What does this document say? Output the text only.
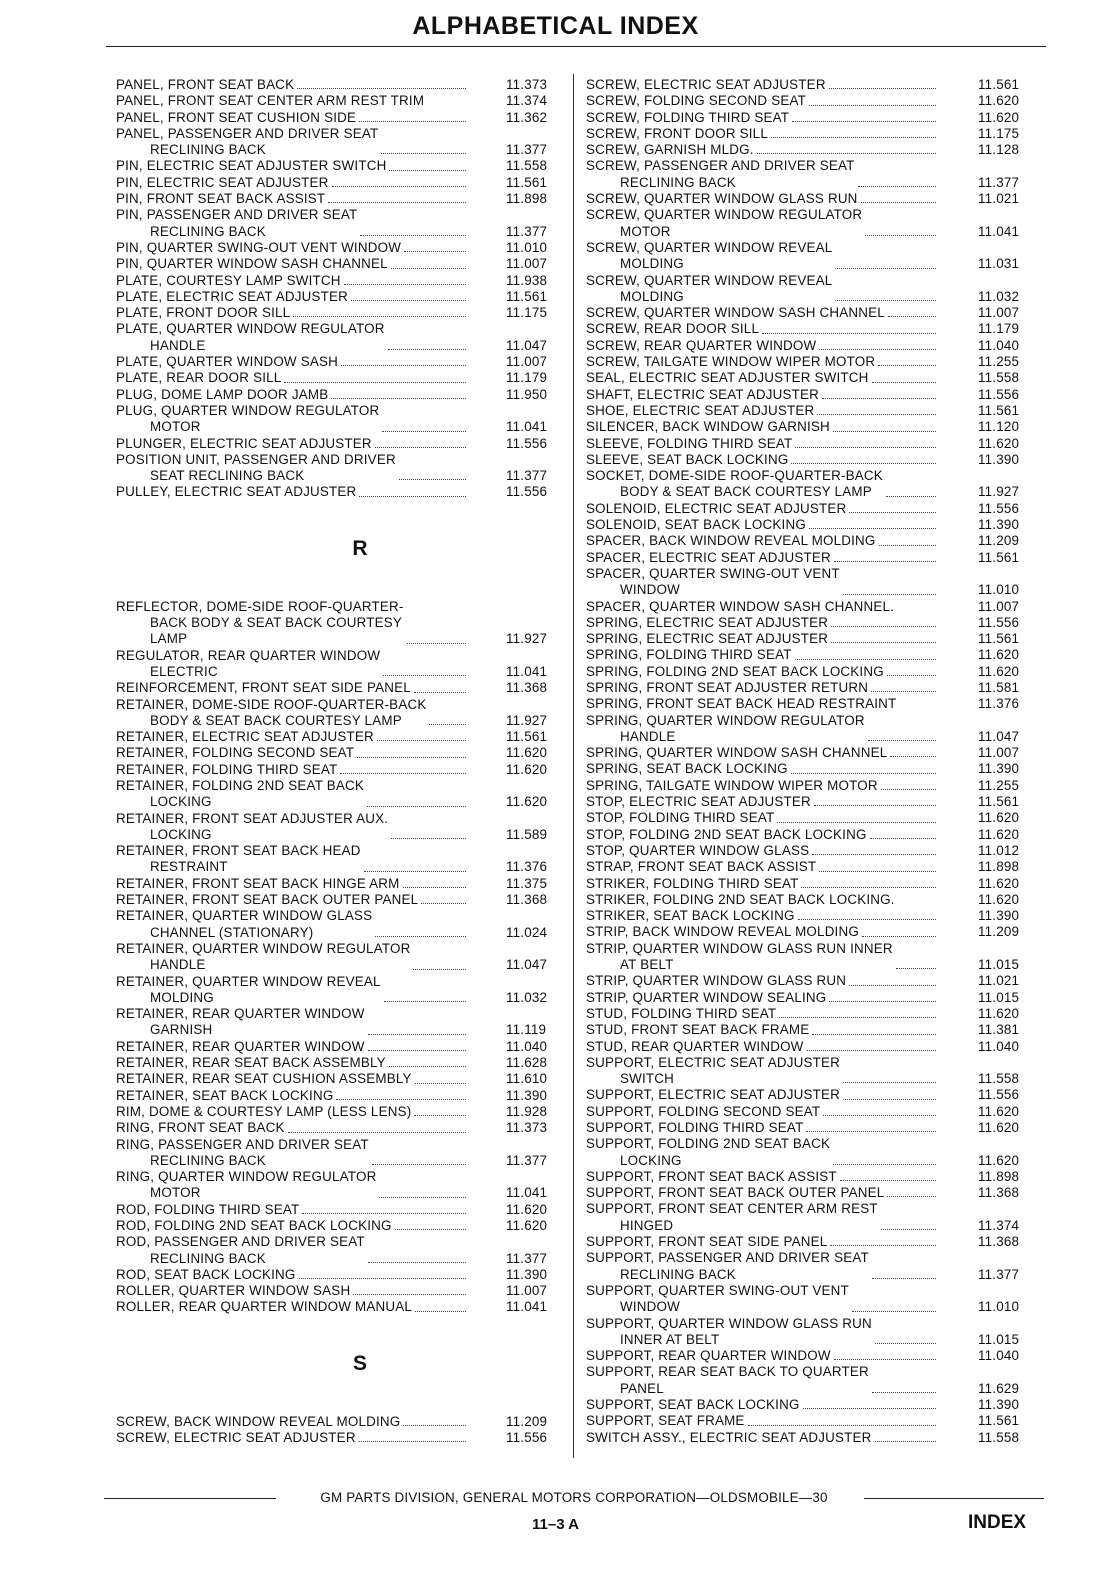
ALPHABETICAL INDEX
PANEL, FRONT SEAT BACK	11.373
PANEL, FRONT SEAT CENTER ARM REST TRIM	11.374
PANEL, FRONT SEAT CUSHION SIDE	11.362
PANEL, PASSENGER AND DRIVER SEAT
RECLINING BACK	11.377
PIN, ELECTRIC SEAT ADJUSTER SWITCH	11.558
PIN, ELECTRIC SEAT ADJUSTER	11.561
PIN, FRONT SEAT BACK ASSIST	11.898
PIN, PASSENGER AND DRIVER SEAT
RECLINING BACK	11.377
PIN, QUARTER SWING-OUT VENT WINDOW	11.010
PIN, QUARTER WINDOW SASH CHANNEL	11.007
PLATE, COURTESY LAMP SWITCH	11.938
PLATE, ELECTRIC SEAT ADJUSTER	11.561
PLATE, FRONT DOOR SILL	11.175
PLATE, QUARTER WINDOW REGULATOR
HANDLE	11.047
PLATE, QUARTER WINDOW SASH	11.007
PLATE, REAR DOOR SILL	11.179
PLUG, DOME LAMP DOOR JAMB	11.950
PLUG, QUARTER WINDOW REGULATOR
MOTOR	11.041
PLUNGER, ELECTRIC SEAT ADJUSTER	11.556
POSITION UNIT, PASSENGER AND DRIVER
SEAT RECLINING BACK	11.377
PULLEY, ELECTRIC SEAT ADJUSTER	11.556
R
REFLECTOR, DOME-SIDE ROOF-QUARTER-
BACK BODY & SEAT BACK COURTESY
LAMP	11.927
REGULATOR, REAR QUARTER WINDOW
ELECTRIC	11.041
REINFORCEMENT, FRONT SEAT SIDE PANEL	11.368
RETAINER, DOME-SIDE ROOF-QUARTER-BACK
BODY & SEAT BACK COURTESY LAMP	11.927
RETAINER, ELECTRIC SEAT ADJUSTER	11.561
RETAINER, FOLDING SECOND SEAT	11.620
RETAINER, FOLDING THIRD SEAT	11.620
RETAINER, FOLDING 2ND SEAT BACK
LOCKING	11.620
RETAINER, FRONT SEAT ADJUSTER AUX.
LOCKING	11.589
RETAINER, FRONT SEAT BACK HEAD
RESTRAINT	11.376
RETAINER, FRONT SEAT BACK HINGE ARM	11.375
RETAINER, FRONT SEAT BACK OUTER PANEL	11.368
RETAINER, QUARTER WINDOW GLASS
CHANNEL (STATIONARY)	11.024
RETAINER, QUARTER WINDOW REGULATOR
HANDLE	11.047
RETAINER, QUARTER WINDOW REVEAL
MOLDING	11.032
RETAINER, REAR QUARTER WINDOW
GARNISH	11.119
RETAINER, REAR QUARTER WINDOW	11.040
RETAINER, REAR SEAT BACK ASSEMBLY	11.628
RETAINER, REAR SEAT CUSHION ASSEMBLY	11.610
RETAINER, SEAT BACK LOCKING	11.390
RIM, DOME & COURTESY LAMP (LESS LENS)	11.928
RING, FRONT SEAT BACK	11.373
RING, PASSENGER AND DRIVER SEAT
RECLINING BACK	11.377
RING, QUARTER WINDOW REGULATOR
MOTOR	11.041
ROD, FOLDING THIRD SEAT	11.620
ROD, FOLDING 2ND SEAT BACK LOCKING	11.620
ROD, PASSENGER AND DRIVER SEAT
RECLINING BACK	11.377
ROD, SEAT BACK LOCKING	11.390
ROLLER, QUARTER WINDOW SASH	11.007
ROLLER, REAR QUARTER WINDOW MANUAL	11.041
S
SCREW, BACK WINDOW REVEAL MOLDING	11.209
SCREW, ELECTRIC SEAT ADJUSTER	11.556
SCREW, ELECTRIC SEAT ADJUSTER	11.561
SCREW, FOLDING SECOND SEAT	11.620
SCREW, FOLDING THIRD SEAT	11.620
SCREW, FRONT DOOR SILL	11.175
SCREW, GARNISH MLDG.	11.128
SCREW, PASSENGER AND DRIVER SEAT
RECLINING BACK	11.377
SCREW, QUARTER WINDOW GLASS RUN	11.021
SCREW, QUARTER WINDOW REGULATOR
MOTOR	11.041
SCREW, QUARTER WINDOW REVEAL
MOLDING	11.031
SCREW, QUARTER WINDOW REVEAL
MOLDING	11.032
SCREW, QUARTER WINDOW SASH CHANNEL	11.007
SCREW, REAR DOOR SILL	11.179
SCREW, REAR QUARTER WINDOW	11.040
SCREW, TAILGATE WINDOW WIPER MOTOR	11.255
SEAL, ELECTRIC SEAT ADJUSTER SWITCH	11.558
SHAFT, ELECTRIC SEAT ADJUSTER	11.556
SHOE, ELECTRIC SEAT ADJUSTER	11.561
SILENCER, BACK WINDOW GARNISH	11.120
SLEEVE, FOLDING THIRD SEAT	11.620
SLEEVE, SEAT BACK LOCKING	11.390
SOCKET, DOME-SIDE ROOF-QUARTER-BACK
BODY & SEAT BACK COURTESY LAMP	11.927
SOLENOID, ELECTRIC SEAT ADJUSTER	11.556
SOLENOID, SEAT BACK LOCKING	11.390
SPACER, BACK WINDOW REVEAL MOLDING	11.209
SPACER, ELECTRIC SEAT ADJUSTER	11.561
SPACER, QUARTER SWING-OUT VENT
WINDOW	11.010
SPACER, QUARTER WINDOW SASH CHANNEL.	11.007
SPRING, ELECTRIC SEAT ADJUSTER	11.556
SPRING, ELECTRIC SEAT ADJUSTER	11.561
SPRING, FOLDING THIRD SEAT	11.620
SPRING, FOLDING 2ND SEAT BACK LOCKING	11.620
SPRING, FRONT SEAT ADJUSTER RETURN	11.581
SPRING, FRONT SEAT BACK HEAD RESTRAINT	11.376
SPRING, QUARTER WINDOW REGULATOR
HANDLE	11.047
SPRING, QUARTER WINDOW SASH CHANNEL	11.007
SPRING, SEAT BACK LOCKING	11.390
SPRING, TAILGATE WINDOW WIPER MOTOR	11.255
STOP, ELECTRIC SEAT ADJUSTER	11.561
STOP, FOLDING THIRD SEAT	11.620
STOP, FOLDING 2ND SEAT BACK LOCKING	11.620
STOP, QUARTER WINDOW GLASS	11.012
STRAP, FRONT SEAT BACK ASSIST	11.898
STRIKER, FOLDING THIRD SEAT	11.620
STRIKER, FOLDING 2ND SEAT BACK LOCKING.	11.620
STRIKER, SEAT BACK LOCKING	11.390
STRIP, BACK WINDOW REVEAL MOLDING	11.209
STRIP, QUARTER WINDOW GLASS RUN INNER
AT BELT	11.015
STRIP, QUARTER WINDOW GLASS RUN	11.021
STRIP, QUARTER WINDOW SEALING	11.015
STUD, FOLDING THIRD SEAT	11.620
STUD, FRONT SEAT BACK FRAME	11.381
STUD, REAR QUARTER WINDOW	11.040
SUPPORT, ELECTRIC SEAT ADJUSTER
SWITCH	11.558
SUPPORT, ELECTRIC SEAT ADJUSTER	11.556
SUPPORT, FOLDING SECOND SEAT	11.620
SUPPORT, FOLDING THIRD SEAT	11.620
SUPPORT, FOLDING 2ND SEAT BACK
LOCKING	11.620
SUPPORT, FRONT SEAT BACK ASSIST	11.898
SUPPORT, FRONT SEAT BACK OUTER PANEL	11.368
SUPPORT, FRONT SEAT CENTER ARM REST
HINGED	11.374
SUPPORT, FRONT SEAT SIDE PANEL	11.368
SUPPORT, PASSENGER AND DRIVER SEAT
RECLINING BACK	11.377
SUPPORT, QUARTER SWING-OUT VENT
WINDOW	11.010
SUPPORT, QUARTER WINDOW GLASS RUN
INNER AT BELT	11.015
SUPPORT, REAR QUARTER WINDOW	11.040
SUPPORT, REAR SEAT BACK TO QUARTER
PANEL	11.629
SUPPORT, SEAT BACK LOCKING	11.390
SUPPORT, SEAT FRAME	11.561
SWITCH ASSY., ELECTRIC SEAT ADJUSTER	11.558
GM PARTS DIVISION, GENERAL MOTORS CORPORATION—OLDSMOBILE—30
11–3 A	INDEX
